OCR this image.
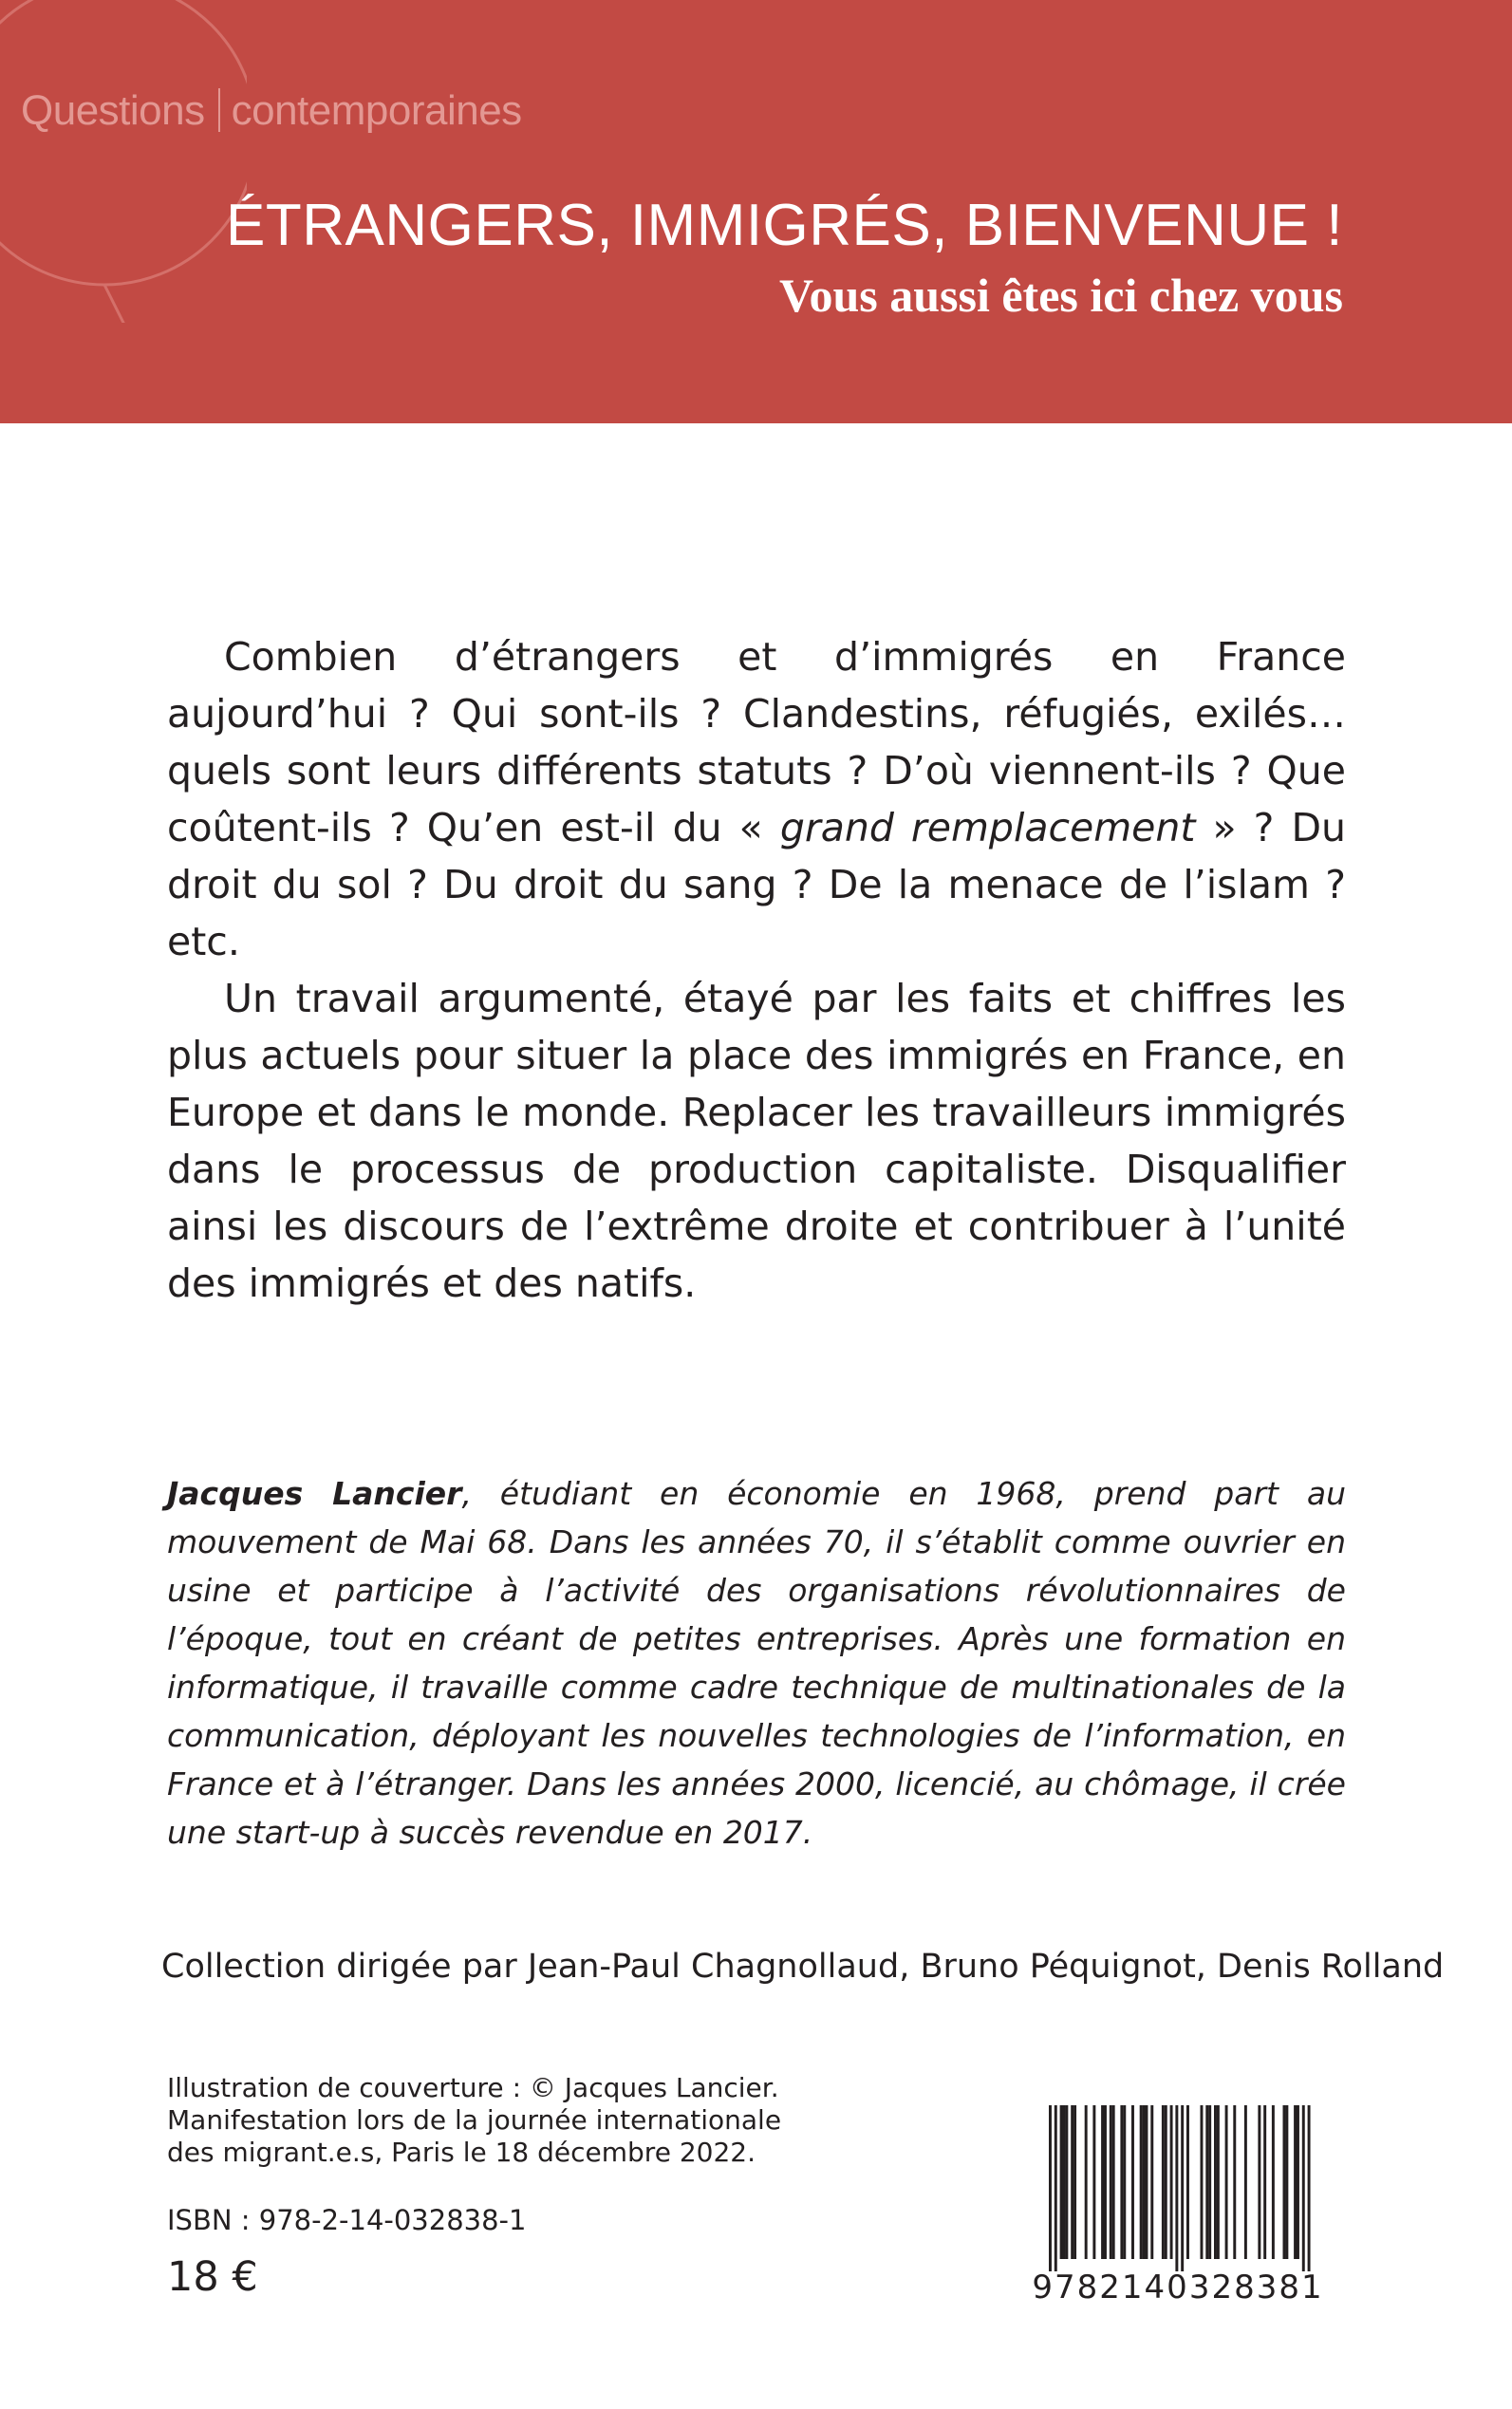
Questions contemporaines
ÉTRANGERS, IMMIGRÉS, BIENVENUE !
Vous aussi êtes ici chez vous

Combien d’étrangers et d’immigrés en France aujourd’hui ? Qui sont-ils ? Clandestins, réfugiés, exilés… quels sont leurs différents statuts ? D’où viennent-ils ? Que coûtent-ils ? Qu’en est-il du « grand remplacement » ? Du droit du sol ? Du droit du sang ? De la menace de l’islam ? etc.

Un travail argumenté, étayé par les faits et chiffres les plus actuels pour situer la place des immigrés en France, en Europe et dans le monde. Replacer les travailleurs immigrés dans le processus de production capitaliste. Disqualifier ainsi les discours de l’extrême droite et contribuer à l’unité des immigrés et des natifs.

Jacques Lancier, étudiant en économie en 1968, prend part au mouvement de Mai 68. Dans les années 70, il s’établit comme ouvrier en usine et participe à l’activité des organisations révolutionnaires de l’époque, tout en créant de petites entreprises. Après une formation en informatique, il travaille comme cadre technique de multinationales de la communication, déployant les nouvelles technologies de l’information, en France et à l’étranger. Dans les années 2000, licencié, au chômage, il crée une start-up à succès revendue en 2017.
Collection dirigée par Jean-Paul Chagnollaud, Bruno Péquignot, Denis Rolland
Illustration de couverture : © Jacques Lancier.
Manifestation lors de la journée internationale
des migrant.e.s, Paris le 18 décembre 2022.
ISBN : 978-2-14-032838-1
18 €	9782140328381
